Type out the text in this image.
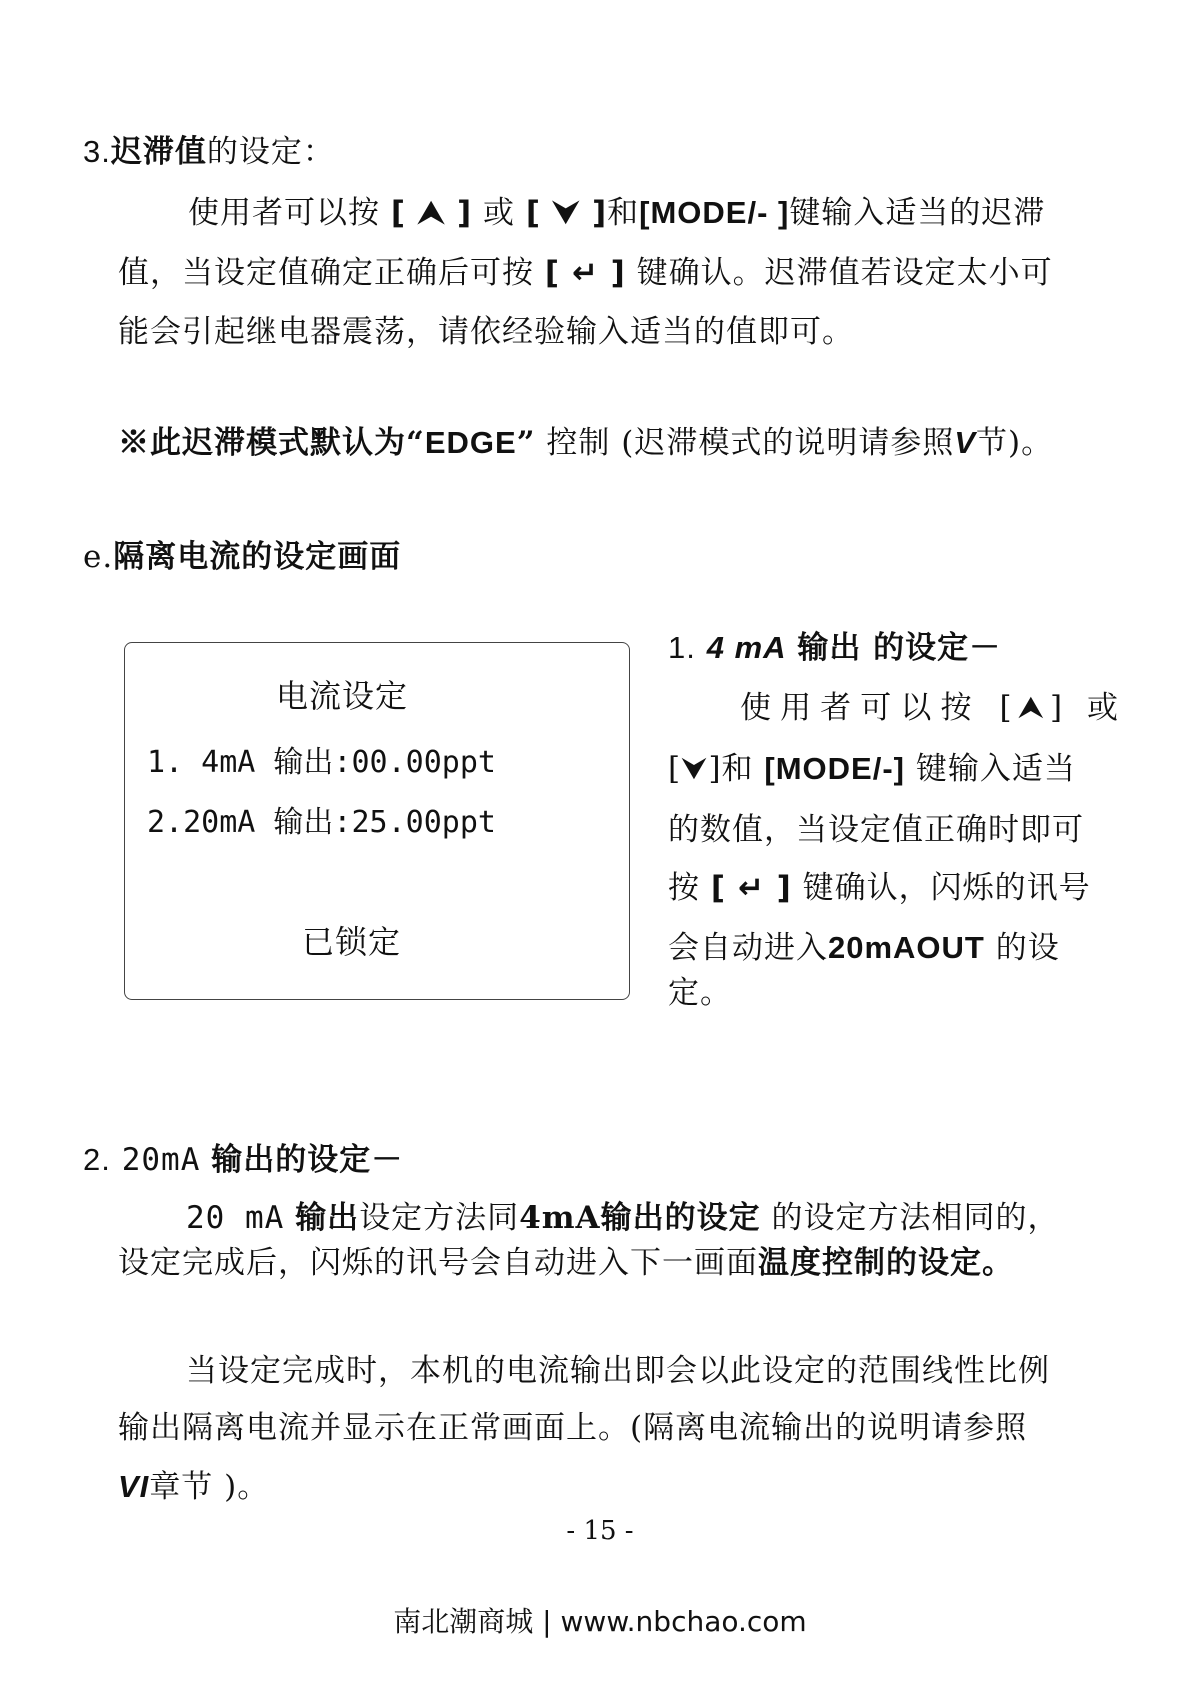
3.迟滞值的设定：
使用者可以按 [ ⮝ ] 或 [ ⮟ ]和[MODE/- ]键输入适当的迟滞
值，当设定值确定正确后可按 [ ↵ ] 键确认。迟滞值若设定太小可
能会引起继电器震荡，请依经验输入适当的值即可。
※此迟滞模式默认为“EDGE” 控制 (迟滞模式的说明请参照V节)。
e.隔离电流的设定画面
电流设定
1. 4mA 输出:00.00ppt
2.20mA 输出:25.00ppt
已锁定
1. 4 mA 输出 的设定－
使用者可以按 [⮝] 或
[⮟]和 [MODE/-] 键输入适当
的数值，当设定值正确时即可
按 [ ↵ ] 键确认，闪烁的讯号
会自动进入20mAOUT 的设
定。
2. 20mA 输出的设定－
20 mA 输出设定方法同4mA输出的设定 的设定方法相同的，
设定完成后，闪烁的讯号会自动进入下一画面温度控制的设定。
当设定完成时，本机的电流输出即会以此设定的范围线性比例
输出隔离电流并显示在正常画面上。(隔离电流输出的说明请参照
VI章节 )。
- 15 -
南北潮商城 | www.nbchao.com
